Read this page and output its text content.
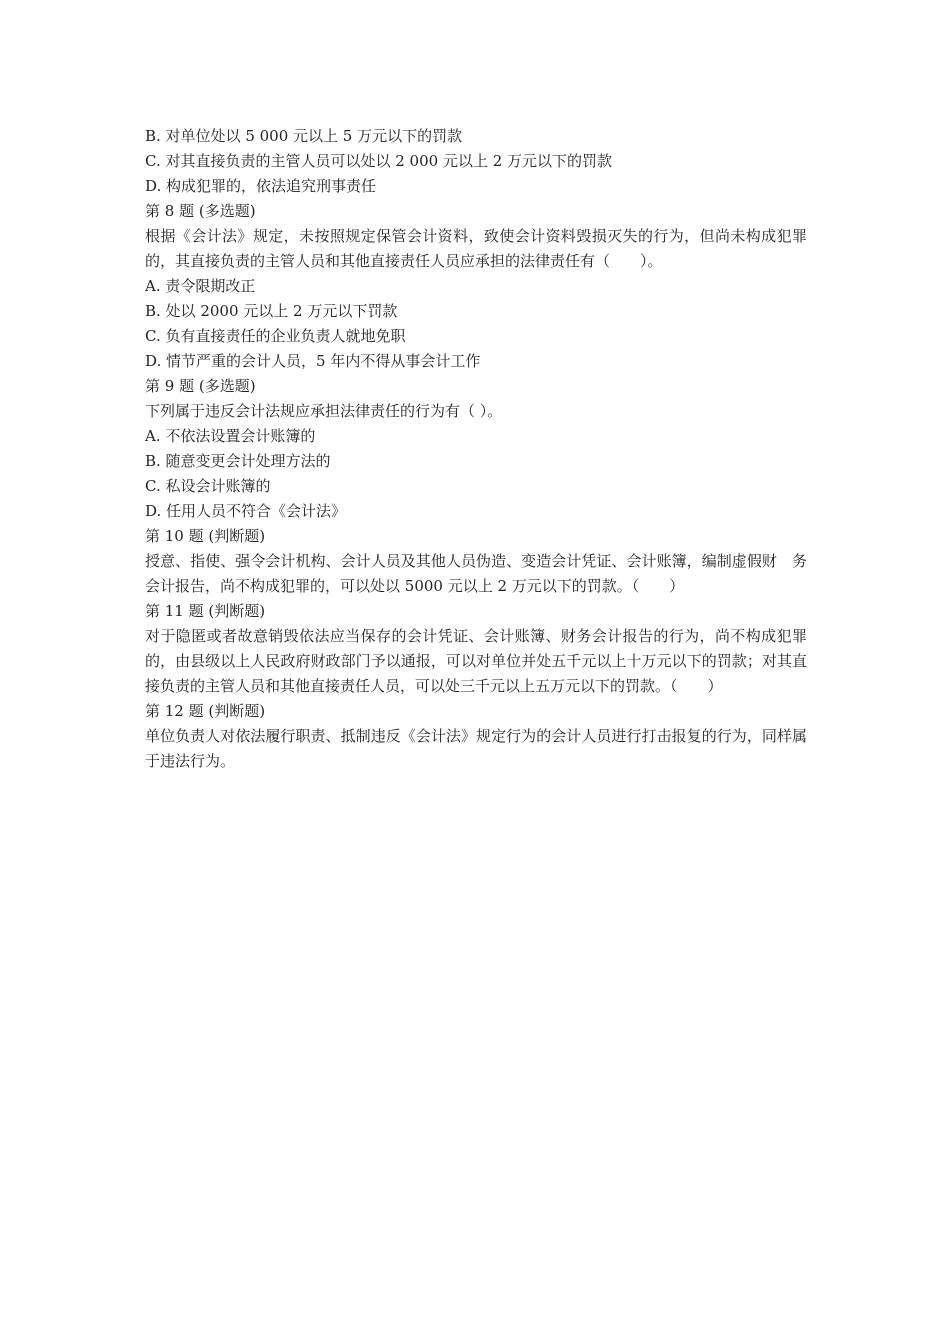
B. 对单位处以 5 000 元以上 5 万元以下的罚款
C. 对其直接负责的主管人员可以处以 2 000 元以上 2 万元以下的罚款
D. 构成犯罪的，依法追究刑事责任
第 8 题 (多选题)
根据《会计法》规定，未按照规定保管会计资料，致使会计资料毁损灭失的行为，但尚未构成犯罪的，其直接负责的主管人员和其他直接责任人员应承担的法律责任有（　　）。
A. 责令限期改正
B. 处以 2000 元以上 2 万元以下罚款
C. 负有直接责任的企业负责人就地免职
D. 情节严重的会计人员，5 年内不得从事会计工作
第 9 题 (多选题)
下列属于违反会计法规应承担法律责任的行为有（ ）。
A. 不依法设置会计账簿的
B. 随意变更会计处理方法的
C. 私设会计账簿的
D. 任用人员不符合《会计法》
第 10 题 (判断题)
授意、指使、强令会计机构、会计人员及其他人员伪造、变造会计凭证、会计账簿，编制虚假财　务会计报告，尚不构成犯罪的，可以处以 5000 元以上 2 万元以下的罚款。（　　）
第 11 题 (判断题)
对于隐匿或者故意销毁依法应当保存的会计凭证、会计账簿、财务会计报告的行为，尚不构成犯罪的，由县级以上人民政府财政部门予以通报，可以对单位并处五千元以上十万元以下的罚款；对其直接负责的主管人员和其他直接责任人员，可以处三千元以上五万元以下的罚款。（　　）
第 12 题 (判断题)
单位负责人对依法履行职责、抵制违反《会计法》规定行为的会计人员进行打击报复的行为，同样属于违法行为。
